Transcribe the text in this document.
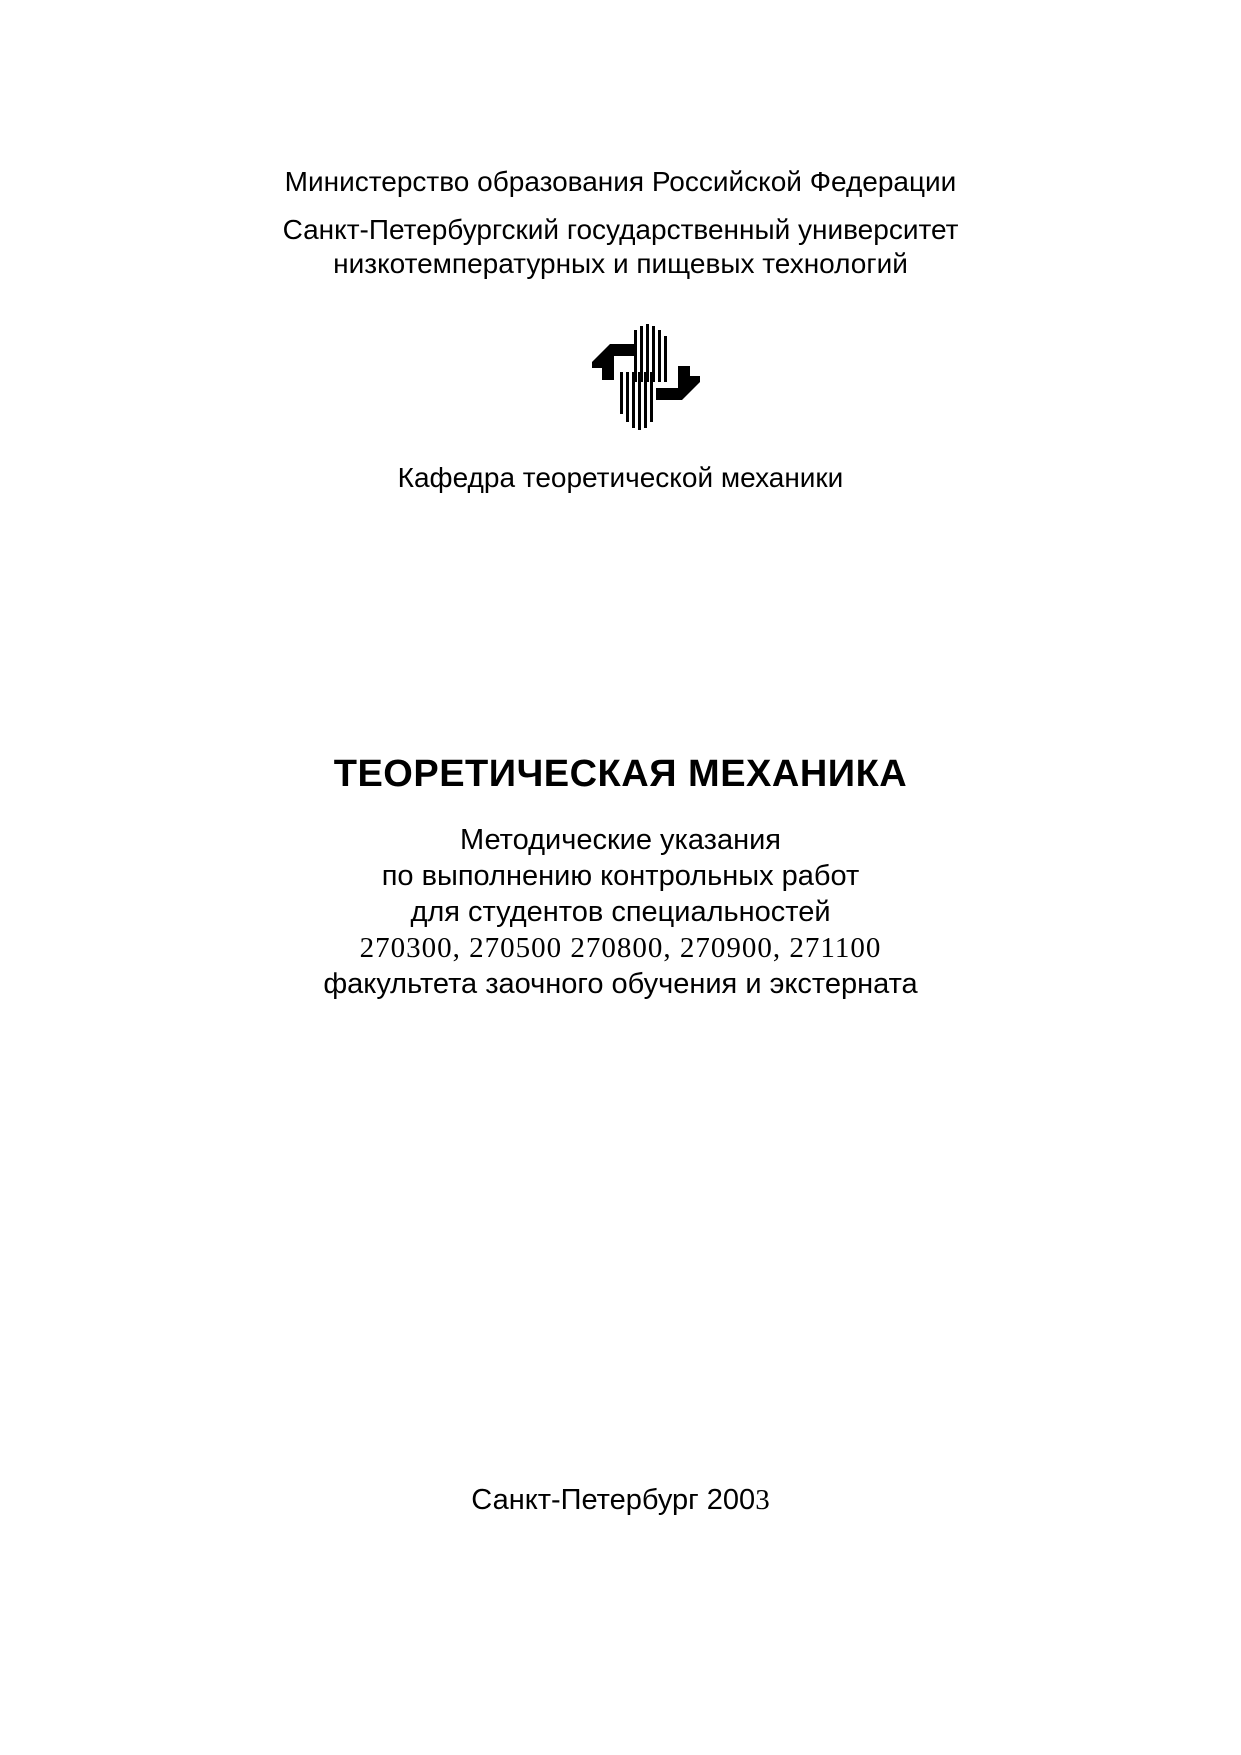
Министерство образования Российской Федерации
Санкт-Петербургский государственный университет
низкотемпературных и пищевых технологий
Кафедра теоретической механики
ТЕОРЕТИЧЕСКАЯ МЕХАНИКА
Методические указания
по выполнению контрольных работ
для студентов специальностей
270300, 270500 270800, 270900, 271100
факультета заочного обучения и экстерната
Санкт-Петербург 2003
